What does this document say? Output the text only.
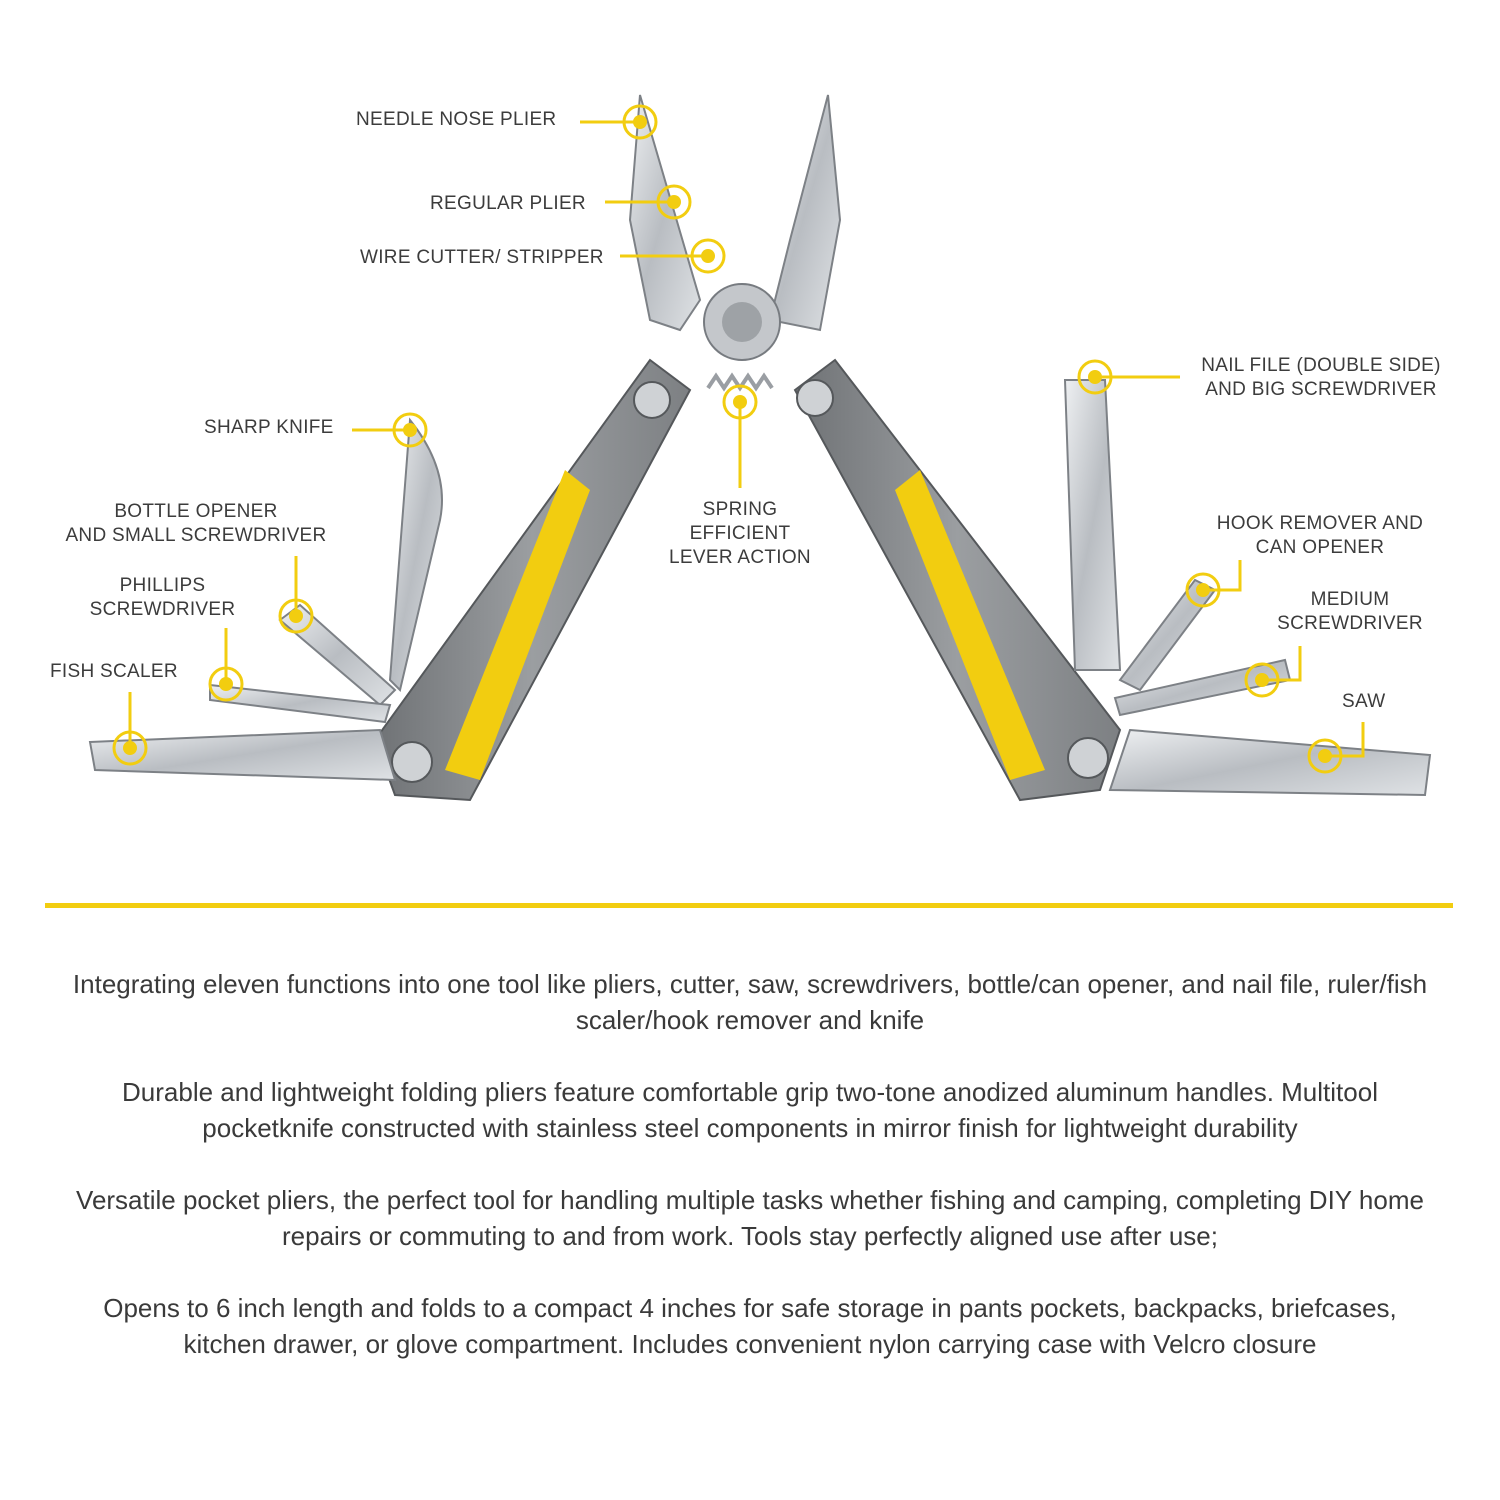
NEEDLE NOSE PLIER
REGULAR PLIER
WIRE CUTTER/ STRIPPER
NAIL FILE (DOUBLE SIDE)
AND BIG SCREWDRIVER
SHARP KNIFE
SPRING
EFFICIENT
LEVER ACTION
BOTTLE OPENER
AND SMALL SCREWDRIVER
HOOK REMOVER AND
CAN OPENER
PHILLIPS
SCREWDRIVER	MEDIUM
SCREWDRIVER
FISH SCALER
SAW

Integrating eleven functions into one tool like pliers, cutter, saw, screwdrivers, bottle/can opener, and nail file, ruler/fish scaler/hook remover and knife

Durable and lightweight folding pliers feature comfortable grip two-tone anodized aluminum handles. Multitool pocketknife constructed with stainless steel components in mirror finish for lightweight durability

Versatile pocket pliers, the perfect tool for handling multiple tasks whether fishing and camping, completing DIY home repairs or commuting to and from work. Tools stay perfectly aligned use after use;

Opens to 6 inch length and folds to a compact 4 inches for safe storage in pants pockets, backpacks, briefcases, kitchen drawer, or glove compartment. Includes convenient nylon carrying case with Velcro closure
